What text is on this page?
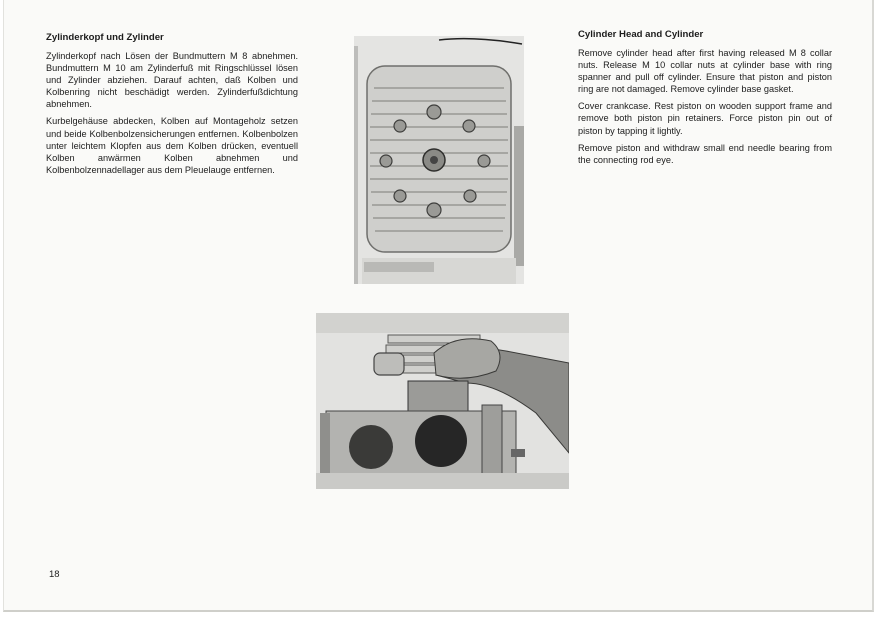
Zylinderkopf und Zylinder

Zylinderkopf nach Lösen der Bundmuttern M 8 abnehmen. Bundmuttern M 10 am Zylinderfuß mit Ringschlüssel lösen und Zylinder abziehen. Darauf achten, daß Kolben und Kolbenring nicht beschädigt werden. Zylinderfußdichtung abnehmen.

Kurbelgehäuse abdecken, Kolben auf Montageholz setzen und beide Kolbenbolzensicherungen entfernen. Kolbenbolzen unter leichtem Klopfen aus dem Kolben drücken, eventuell Kolben anwärmen Kolben abnehmen und Kolbenbolzennadellager aus dem Pleuelauge entfernen.

Cylinder Head and Cylinder

Remove cylinder head after first having released M 8 collar nuts. Release M 10 collar nuts at cylinder base with ring spanner and pull off cylinder. Ensure that piston and piston ring are not damaged. Remove cylinder base gasket.

Cover crankcase. Rest piston on wooden support frame and remove both piston pin retainers. Force piston pin out of piston by tapping it lightly.

Remove piston and withdraw small end needle bearing from the connecting rod eye.

18
